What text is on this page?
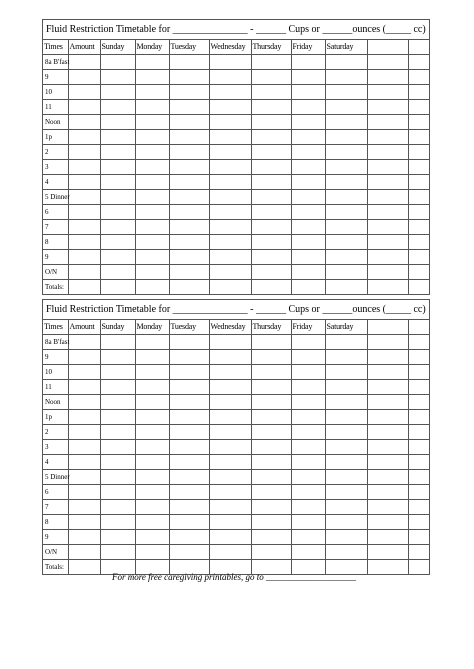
Fluid Restriction Timetable for _______________ - ______ Cups or ______ounces (_____ cc)
Times	Amount	Sunday	Monday	Tuesday	Wednesday	Thursday	Friday	Saturday		
8a B'fast										
9										
10										
11										
Noon										
1p										
2										
3										
4										
5 Dinner										
6										
7										
8										
9										
O/N										
Totals:										
Fluid Restriction Timetable for _______________ - ______ Cups or ______ounces (_____ cc)
Times	Amount	Sunday	Monday	Tuesday	Wednesday	Thursday	Friday	Saturday		
8a B'fast										
9										
10										
11										
Noon										
1p										
2										
3										
4										
5 Dinner										
6										
7										
8										
9										
O/N										
Totals:										
For more free caregiving printables, go to ____________________
